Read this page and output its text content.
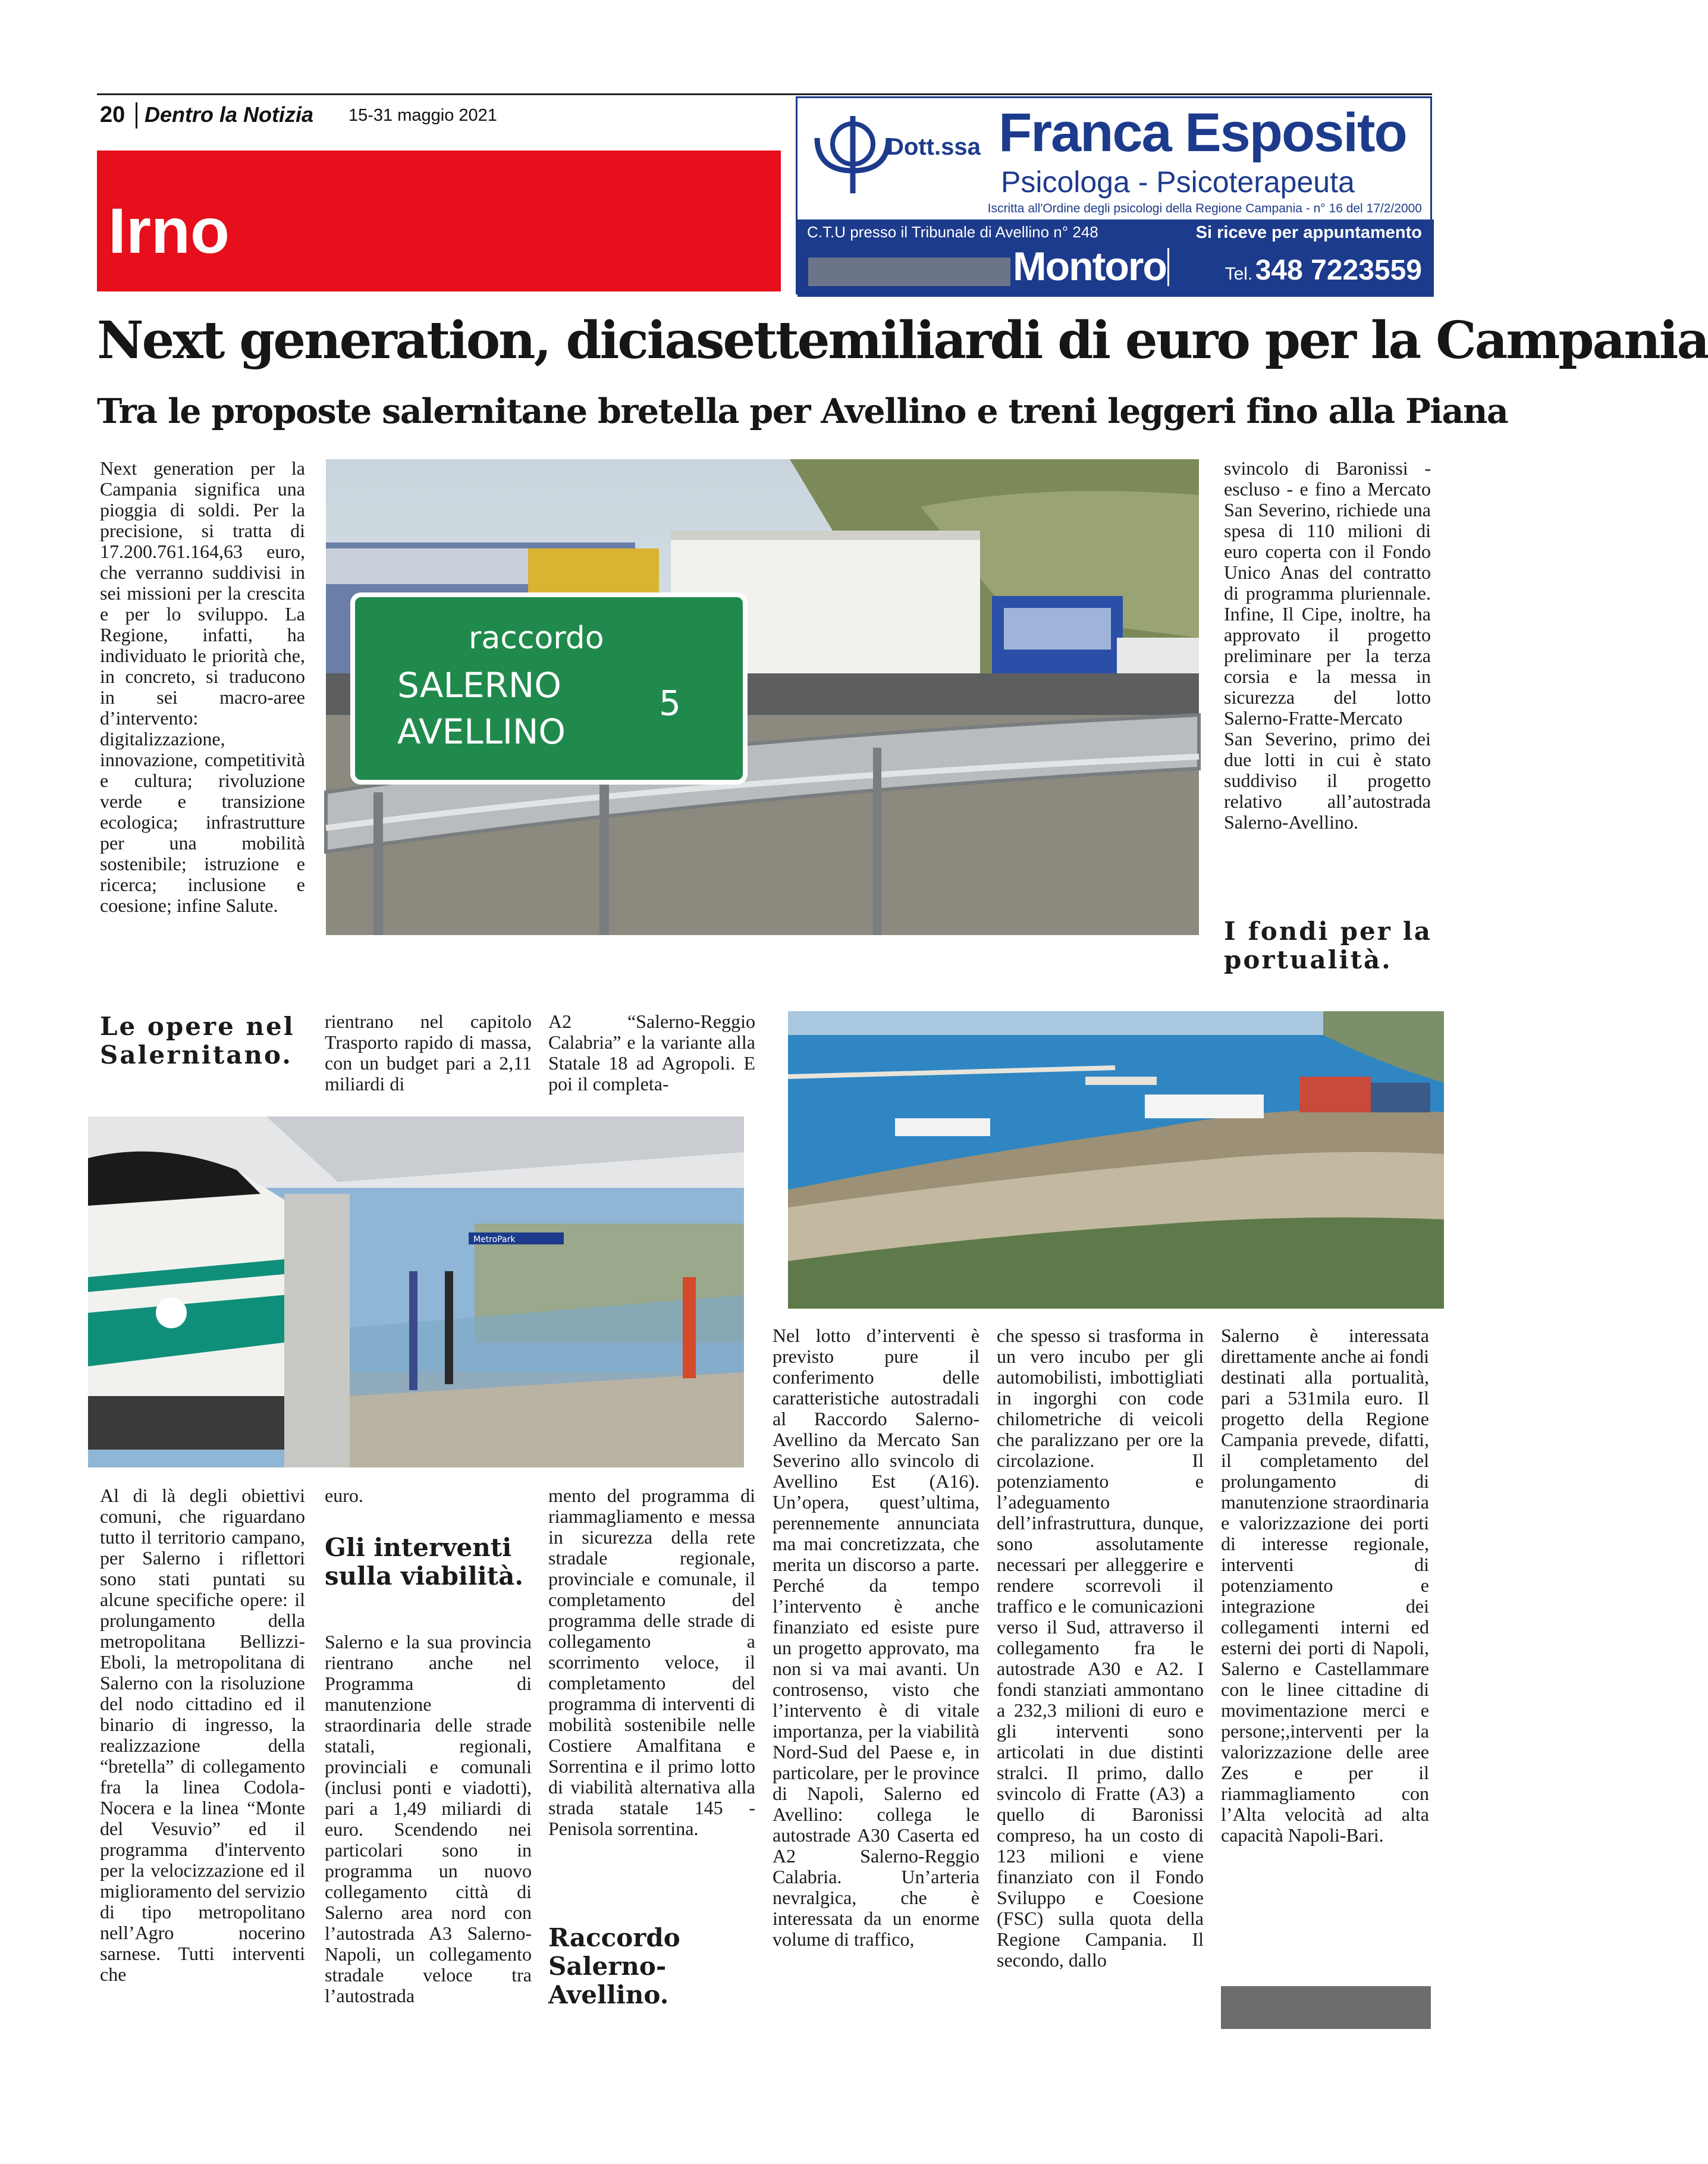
20 Dentro la Notizia 15-31 maggio 2021
Irno
Dott.ssa Franca Esposito
Psicologa - Psicoterapeuta
Iscritta all'Ordine degli psicologi della Regione Campania - n° 16 del 17/2/2000
C.T.U presso il Tribunale di Avellino n° 248	Si riceve per appuntamento
Montoro	Tel. 348 7223559
Next generation, diciasettemiliardi di euro per la Campania
Tra le proposte salernitane bretella per Avellino e treni leggeri fino alla Piana
Next generation per la Campania significa una pioggia di soldi. Per la precisione, si tratta di 17.200.761.164,63 euro, che verranno suddivisi in sei missioni per la crescita e per lo sviluppo. La Regione, infatti, ha individuato le priorità che, in concreto, si traducono in sei macro-aree d’intervento: digitalizzazione, innovazione, competitività e cultura; rivoluzione verde e transizione ecologica; infrastrutture per una mobilità sostenibile; istruzione e ricerca; inclusione e coesione; infine Salute.
svincolo di Baronissi - escluso - e fino a Mercato San Severino, richiede una spesa di 110 milioni di euro coperta con il Fondo Unico Anas del contratto di programma pluriennale. Infine, Il Cipe, inoltre, ha approvato il progetto preliminare per la terza corsia e la messa in sicurezza del lotto Salerno-Fratte-Mercato San Severino, primo dei due lotti in cui è stato suddiviso il progetto relativo all’autostrada Salerno-Avellino.
I fondi per la portualità.
Le opere nel Salernitano.
rientrano nel capitolo Trasporto rapido di massa, con un budget pari a 2,11 miliardi di
A2 “Salerno-Reggio Calabria” e la variante alla Statale 18 ad Agropoli. E poi il completa-
raccordo
SALERNO
AVELLINO
5
MetroPark
Al di là degli obiettivi comuni, che riguardano tutto il territorio campano, per Salerno i riflettori sono stati puntati su alcune specifiche opere: il prolungamento della metropolitana Bellizzi-Eboli, la metropolitana di Salerno con la risoluzione del nodo cittadino ed il binario di ingresso, la realizzazione della “bretella” di collegamento fra la linea Codola- Nocera e la linea “Monte del Vesuvio” ed il programma d'intervento per la velocizzazione ed il miglioramento del servizio di tipo metropolitano nell’Agro nocerino sarnese. Tutti interventi che
euro.
Gli interventi sulla viabilità.
Salerno e la sua provincia rientrano anche nel Programma di manutenzione straordinaria delle strade statali, regionali, provinciali e comunali (inclusi ponti e viadotti), pari a 1,49 miliardi di euro. Scendendo nei particolari sono in programma un nuovo collegamento città di Salerno area nord con l’autostrada A3 Salerno- Napoli, un collegamento stradale veloce tra l’autostrada
mento del programma di riammagliamento e messa in sicurezza della rete stradale regionale, provinciale e comunale, il completamento del programma delle strade di collegamento a scorrimento veloce, il completamento del programma di interventi di mobilità sostenibile nelle Costiere Amalfitana e Sorrentina e il primo lotto di viabilità alternativa alla strada statale 145 - Penisola sorrentina.
Raccordo Salerno-Avellino.
Nel lotto d’interventi è previsto pure il conferimento delle caratteristiche autostradali al Raccordo Salerno-Avellino da Mercato San Severino allo svincolo di Avellino Est (A16). Un’opera, quest’ultima, perennemente annunciata ma mai concretizzata, che merita un discorso a parte. Perché da tempo l’intervento è anche finanziato ed esiste pure un progetto approvato, ma non si va mai avanti. Un controsenso, visto che l’intervento è di vitale importanza, per la viabilità Nord-Sud del Paese e, in particolare, per le province di Napoli, Salerno ed Avellino: collega le autostrade A30 Caserta ed A2 Salerno-Reggio Calabria. Un’arteria nevralgica, che è interessata da un enorme volume di traffico,
che spesso si trasforma in un vero incubo per gli automobilisti, imbottigliati in ingorghi con code chilometriche di veicoli che paralizzano per ore la circolazione. Il potenziamento e l’adeguamento dell’infrastruttura, dunque, sono assolutamente necessari per alleggerire e rendere scorrevoli il traffico e le comunicazioni verso il Sud, attraverso il collegamento fra le autostrade A30 e A2. I fondi stanziati ammontano a 232,3 milioni di euro e gli interventi sono articolati in due distinti stralci. Il primo, dallo svincolo di Fratte (A3) a quello di Baronissi compreso, ha un costo di 123 milioni e viene finanziato con il Fondo Sviluppo e Coesione (FSC) sulla quota della Regione Campania. Il secondo, dallo
Salerno è interessata direttamente anche ai fondi destinati alla portualità, pari a 531mila euro. Il progetto della Regione Campania prevede, difatti, il completamento del prolungamento di manutenzione straordinaria e valorizzazione dei porti di interesse regionale, interventi di potenziamento e integrazione dei collegamenti interni ed esterni dei porti di Napoli, Salerno e Castellammare con le linee cittadine di movimentazione merci e persone;,interventi per la valorizzazione delle aree Zes e per il riammagliamento con l’Alta velocità ad alta capacità Napoli-Bari.
